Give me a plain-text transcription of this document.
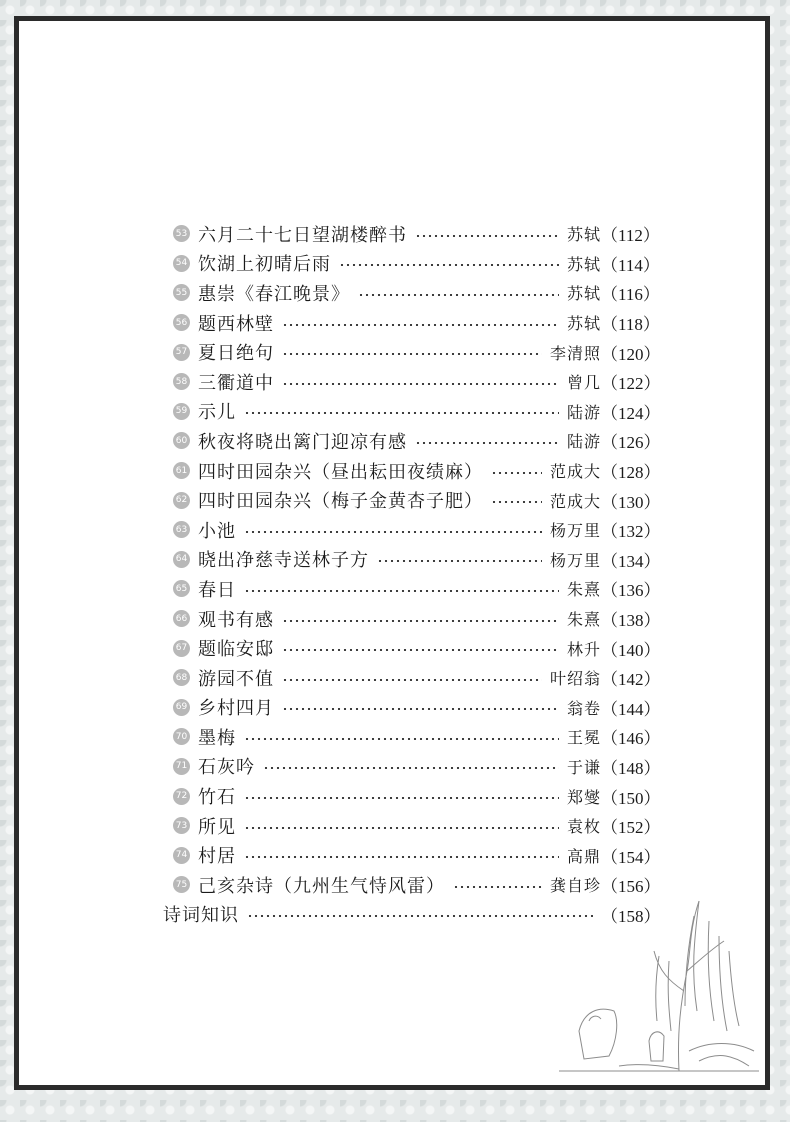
53 六月二十七日望湖楼醉书	苏轼 （112）
54 饮湖上初晴后雨	苏轼 （114）
55 惠崇《春江晚景》	苏轼 （116）
56 题西林壁	苏轼 （118）
57 夏日绝句	李清照 （120）
58 三衢道中	曾几 （122）
59 示儿	陆游 （124）
60 秋夜将晓出篱门迎凉有感	陆游 （126）
61 四时田园杂兴（昼出耘田夜绩麻）	范成大 （128）
62 四时田园杂兴（梅子金黄杏子肥）	范成大 （130）
63 小池	杨万里 （132）
64 晓出净慈寺送林子方	杨万里 （134）
65 春日	朱熹 （136）
66 观书有感	朱熹 （138）
67 题临安邸	林升 （140）
68 游园不值	叶绍翁 （142）
69 乡村四月	翁卷 （144）
70 墨梅	王冕 （146）
71 石灰吟	于谦 （148）
72 竹石	郑燮 （150）
73 所见	袁枚 （152）
74 村居	高鼎 （154）
75 己亥杂诗（九州生气恃风雷）	龚自珍 （156）
诗词知识	（158）
